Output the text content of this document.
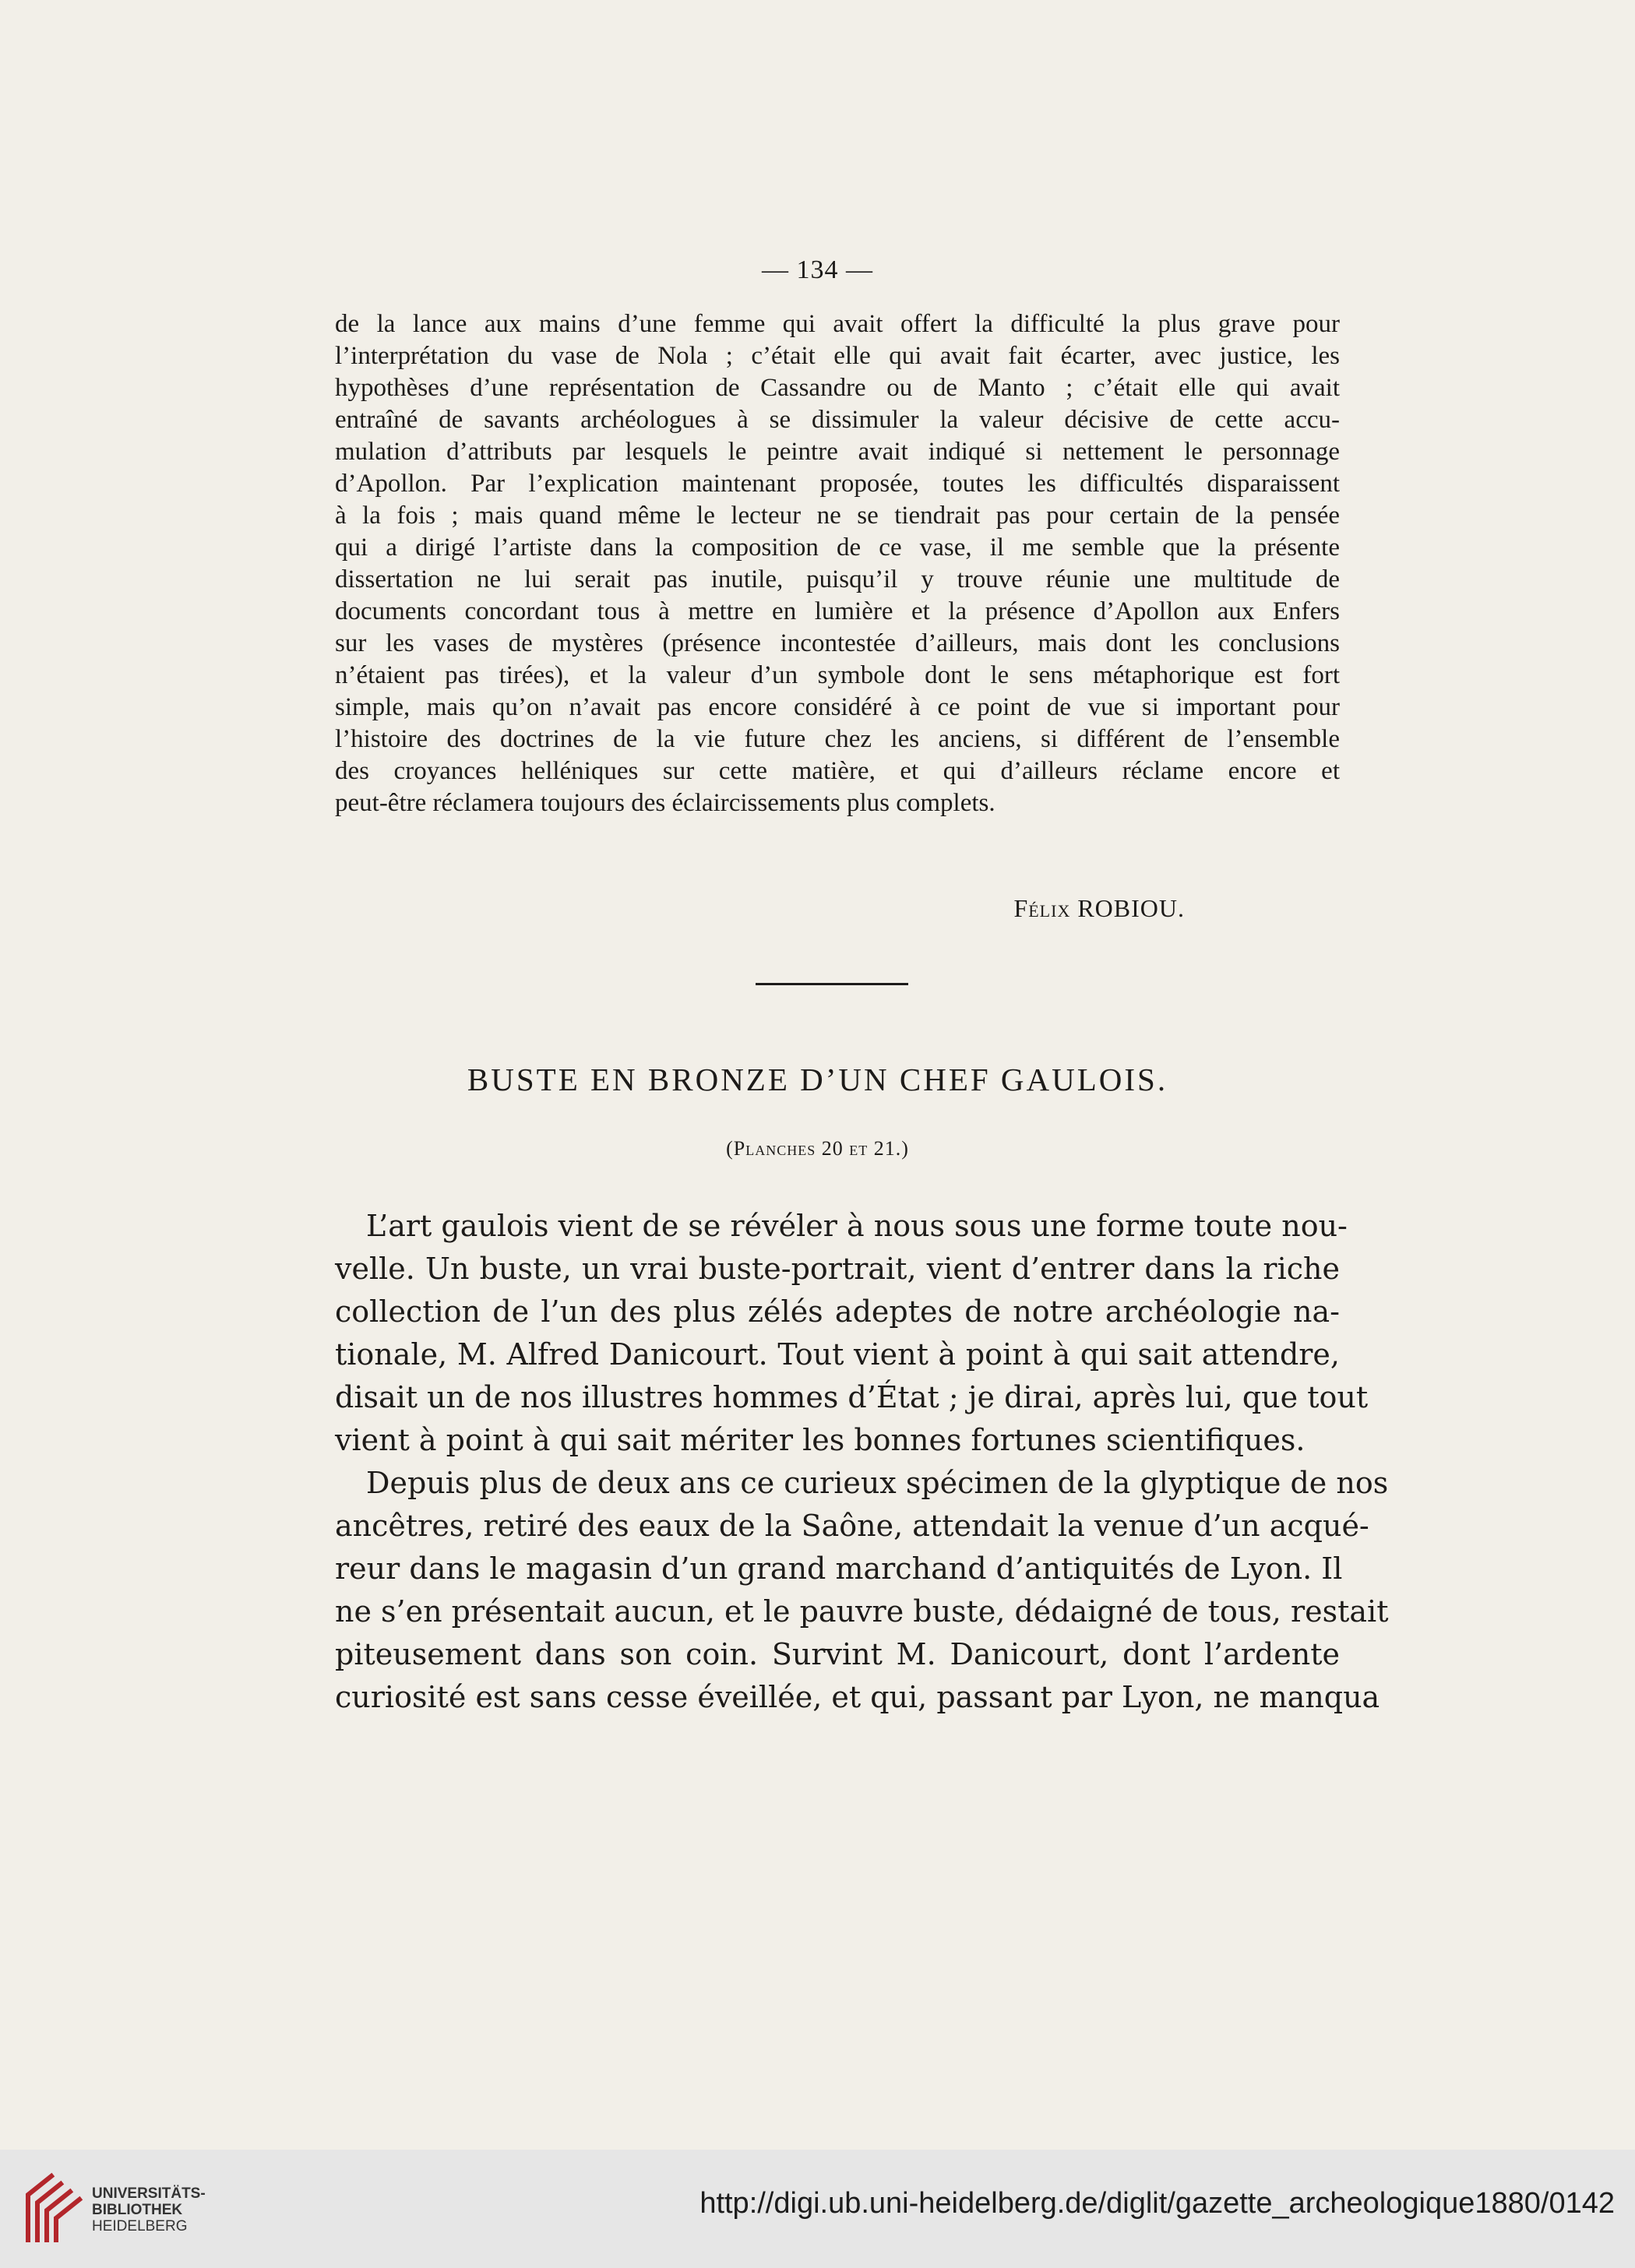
— 134 —
de la lance aux mains d’une femme qui avait offert la difficulté la plus grave pour
l’interprétation du vase de Nola ; c’était elle qui avait fait écarter, avec justice, les
hypothèses d’une représentation de Cassandre ou de Manto ; c’était elle qui avait
entraîné de savants archéologues à se dissimuler la valeur décisive de cette accu-
mulation d’attributs par lesquels le peintre avait indiqué si nettement le personnage
d’Apollon. Par l’explication maintenant proposée, toutes les difficultés disparaissent
à la fois ; mais quand même le lecteur ne se tiendrait pas pour certain de la pensée
qui a dirigé l’artiste dans la composition de ce vase, il me semble que la présente
dissertation ne lui serait pas inutile, puisqu’il y trouve réunie une multitude de
documents concordant tous à mettre en lumière et la présence d’Apollon aux Enfers
sur les vases de mystères (présence incontestée d’ailleurs, mais dont les conclusions
n’étaient pas tirées), et la valeur d’un symbole dont le sens métaphorique est fort
simple, mais qu’on n’avait pas encore considéré à ce point de vue si important pour
l’histoire des doctrines de la vie future chez les anciens, si différent de l’ensemble
des croyances helléniques sur cette matière, et qui d’ailleurs réclame encore et
peut-être réclamera toujours des éclaircissements plus complets.
Félix ROBIOU.
BUSTE EN BRONZE D’UN CHEF GAULOIS.
(Planches 20 et 21.)
L’art gaulois vient de se révéler à nous sous une forme toute nou-
velle. Un buste, un vrai buste-portrait, vient d’entrer dans la riche
collection de l’un des plus zélés adeptes de notre archéologie na-
tionale, M. Alfred Danicourt. Tout vient à point à qui sait attendre,
disait un de nos illustres hommes d’État ; je dirai, après lui, que tout
vient à point à qui sait mériter les bonnes fortunes scientifiques.
Depuis plus de deux ans ce curieux spécimen de la glyptique de nos
ancêtres, retiré des eaux de la Saône, attendait la venue d’un acqué-
reur dans le magasin d’un grand marchand d’antiquités de Lyon. Il
ne s’en présentait aucun, et le pauvre buste, dédaigné de tous, restait
piteusement dans son coin. Survint M. Danicourt, dont l’ardente
curiosité est sans cesse éveillée, et qui, passant par Lyon, ne manqua
UNIVERSITÄTS-
BIBLIOTHEK
HEIDELBERG
http://digi.ub.uni-heidelberg.de/diglit/gazette_archeologique1880/0142
